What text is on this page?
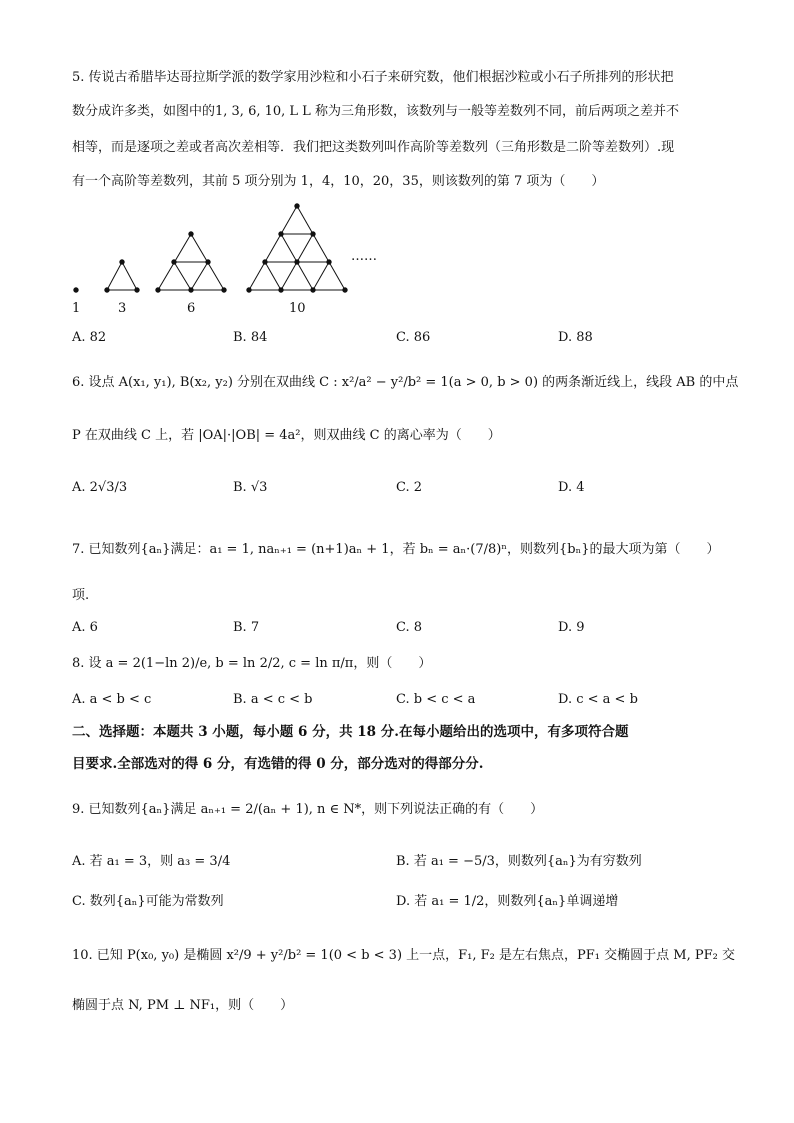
5. 传说古希腊毕达哥拉斯学派的数学家用沙粒和小石子来研究数，他们根据沙粒或小石子所排列的形状把
数分成许多类，如图中的1, 3, 6, 10, L L 称为三角形数，该数列与一般等差数列不同，前后两项之差并不
相等，而是逐项之差或者高次差相等．我们把这类数列叫作高阶等差数列（三角形数是二阶等差数列）.现
有一个高阶等差数列，其前 5 项分别为 1，4，10，20，35，则该数列的第 7 项为（　　）
……
1	3	6	10
A. 82	B. 84	C. 86	D. 88
6. 设点 A(x₁, y₁), B(x₂, y₂) 分别在双曲线 C : x²/a² − y²/b² = 1(a > 0, b > 0) 的两条渐近线上，线段 AB 的中点
P 在双曲线 C 上，若 |OA|·|OB| = 4a²，则双曲线 C 的离心率为（　　）
A. 2√3/3	B. √3	C. 2	D. 4
7. 已知数列{aₙ}满足：a₁ = 1, naₙ₊₁ = (n+1)aₙ + 1，若 bₙ = aₙ·(7/8)ⁿ，则数列{bₙ}的最大项为第（　　）
项.
A. 6	B. 7	C. 8	D. 9
8. 设 a = 2(1−ln 2)/e, b = ln 2/2, c = ln π/π，则（　　）
A. a < b < c	B. a < c < b	C. b < c < a	D. c < a < b
二、选择题：本题共 3 小题，每小题 6 分，共 18 分.在每小题给出的选项中，有多项符合题
目要求.全部选对的得 6 分，有选错的得 0 分，部分选对的得部分分.
9. 已知数列{aₙ}满足 aₙ₊₁ = 2/(aₙ + 1), n ∈ N*，则下列说法正确的有（　　）
A. 若 a₁ = 3，则 a₃ = 3/4	B. 若 a₁ = −5/3，则数列{aₙ}为有穷数列
C. 数列{aₙ}可能为常数列	D. 若 a₁ = 1/2，则数列{aₙ}单调递增
10. 已知 P(x₀, y₀) 是椭圆 x²/9 + y²/b² = 1(0 < b < 3) 上一点，F₁, F₂ 是左右焦点，PF₁ 交椭圆于点 M, PF₂ 交
椭圆于点 N, PM ⊥ NF₁，则（　　）
